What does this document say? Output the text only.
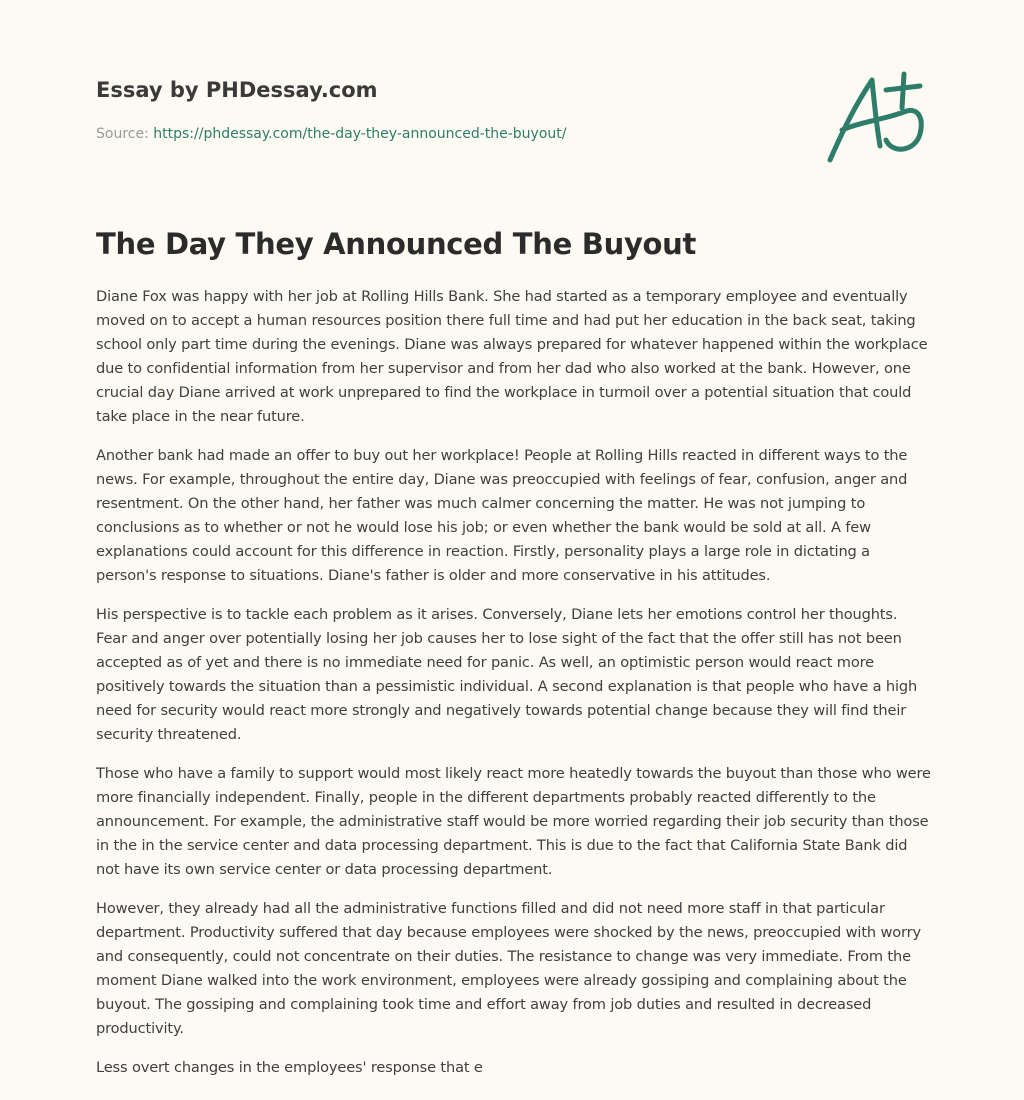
Essay by PHDessay.com
Source: https://phdessay.com/the-day-they-announced-the-buyout/
The Day They Announced The Buyout

Diane Fox was happy with her job at Rolling Hills Bank. She had started as a temporary employee and eventually moved on to accept a human resources position there full time and had put her education in the back seat, taking school only part time during the evenings. Diane was always prepared for whatever happened within the workplace due to confidential information from her supervisor and from her dad who also worked at the bank. However, one crucial day Diane arrived at work unprepared to find the workplace in turmoil over a potential situation that could take place in the near future.

Another bank had made an offer to buy out her workplace! People at Rolling Hills reacted in different ways to the news. For example, throughout the entire day, Diane was preoccupied with feelings of fear, confusion, anger and resentment. On the other hand, her father was much calmer concerning the matter. He was not jumping to conclusions as to whether or not he would lose his job; or even whether the bank would be sold at all. A few explanations could account for this difference in reaction. Firstly, personality plays a large role in dictating a person's response to situations. Diane's father is older and more conservative in his attitudes.

His perspective is to tackle each problem as it arises. Conversely, Diane lets her emotions control her thoughts. Fear and anger over potentially losing her job causes her to lose sight of the fact that the offer still has not been accepted as of yet and there is no immediate need for panic. As well, an optimistic person would react more positively towards the situation than a pessimistic individual. A second explanation is that people who have a high need for security would react more strongly and negatively towards potential change because they will find their security threatened.

Those who have a family to support would most likely react more heatedly towards the buyout than those who were more financially independent. Finally, people in the different departments probably reacted differently to the announcement. For example, the administrative staff would be more worried regarding their job security than those in the in the service center and data processing department. This is due to the fact that California State Bank did not have its own service center or data processing department.

However, they already had all the administrative functions filled and did not need more staff in that particular department. Productivity suffered that day because employees were shocked by the news, preoccupied with worry and consequently, could not concentrate on their duties. The resistance to change was very immediate. From the moment Diane walked into the work environment, employees were already gossiping and complaining about the buyout. The gossiping and complaining took time and effort away from job duties and resulted in decreased productivity.

Less overt changes in the employees' response that e
